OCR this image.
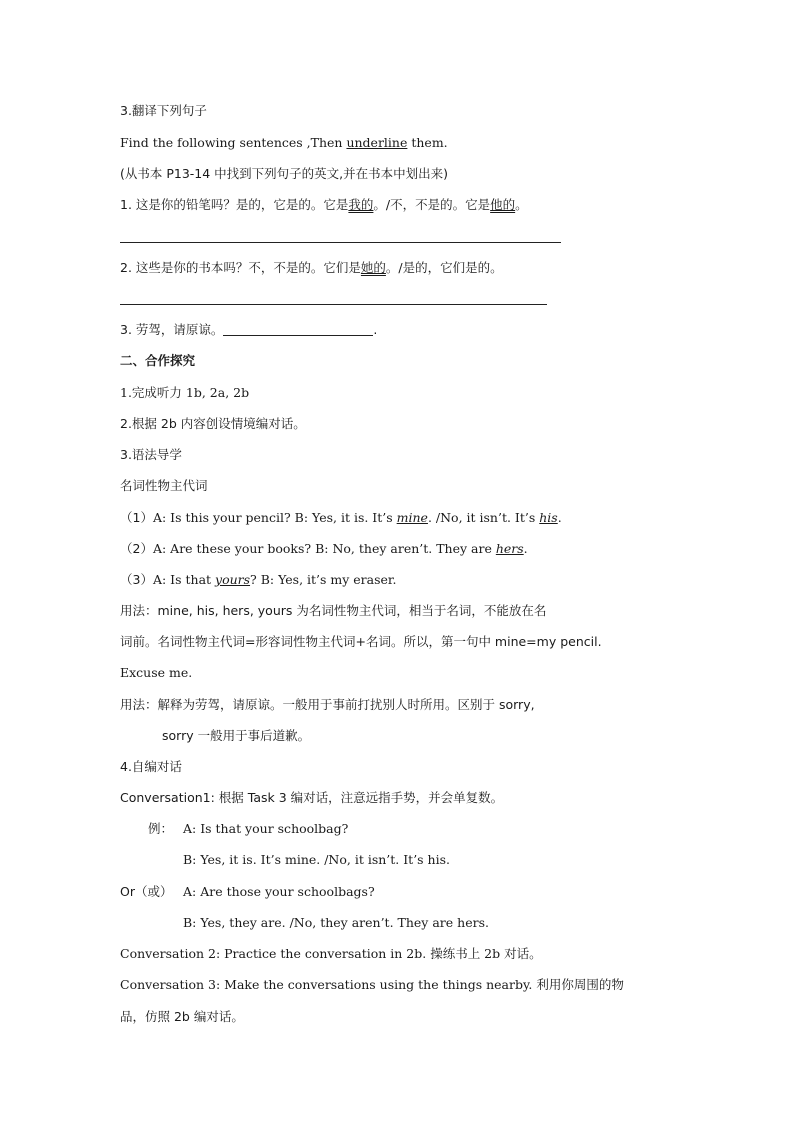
3.翻译下列句子
Find the following sentences ,Then underline them.
(从书本 P13-14 中找到下列句子的英文,并在书本中划出来)
1. 这是你的铅笔吗？是的，它是的。它是我的。/不，不是的。它是他的。
2. 这些是你的书本吗？不，不是的。它们是她的。/是的，它们是的。
3. 劳驾，请原谅。	.
二、合作探究
1.完成听力 1b, 2a, 2b
2.根据 2b 内容创设情境编对话。
3.语法导学
名词性物主代词
（1）A: Is this your pencil? B: Yes, it is. It’s mine. /No, it isn’t. It’s his.
（2）A: Are these your books? B: No, they aren’t. They are hers.
（3）A: Is that yours? B: Yes, it’s my eraser.
用法：mine, his, hers, yours 为名词性物主代词，相当于名词，不能放在名
词前。名词性物主代词=形容词性物主代词+名词。所以，第一句中 mine=my pencil.
Excuse me.
用法：解释为劳驾，请原谅。一般用于事前打扰别人时所用。区别于 sorry,
sorry 一般用于事后道歉。
4.自编对话
Conversation1: 根据 Task 3 编对话，注意远指手势，并会单复数。
例： A: Is that your schoolbag?
B: Yes, it is. It’s mine. /No, it isn’t. It’s his.
Or（或） A: Are those your schoolbags?
B: Yes, they are. /No, they aren’t. They are hers.
Conversation 2: Practice the conversation in 2b. 操练书上 2b 对话。
Conversation 3: Make the conversations using the things nearby. 利用你周围的物
品，仿照 2b 编对话。
